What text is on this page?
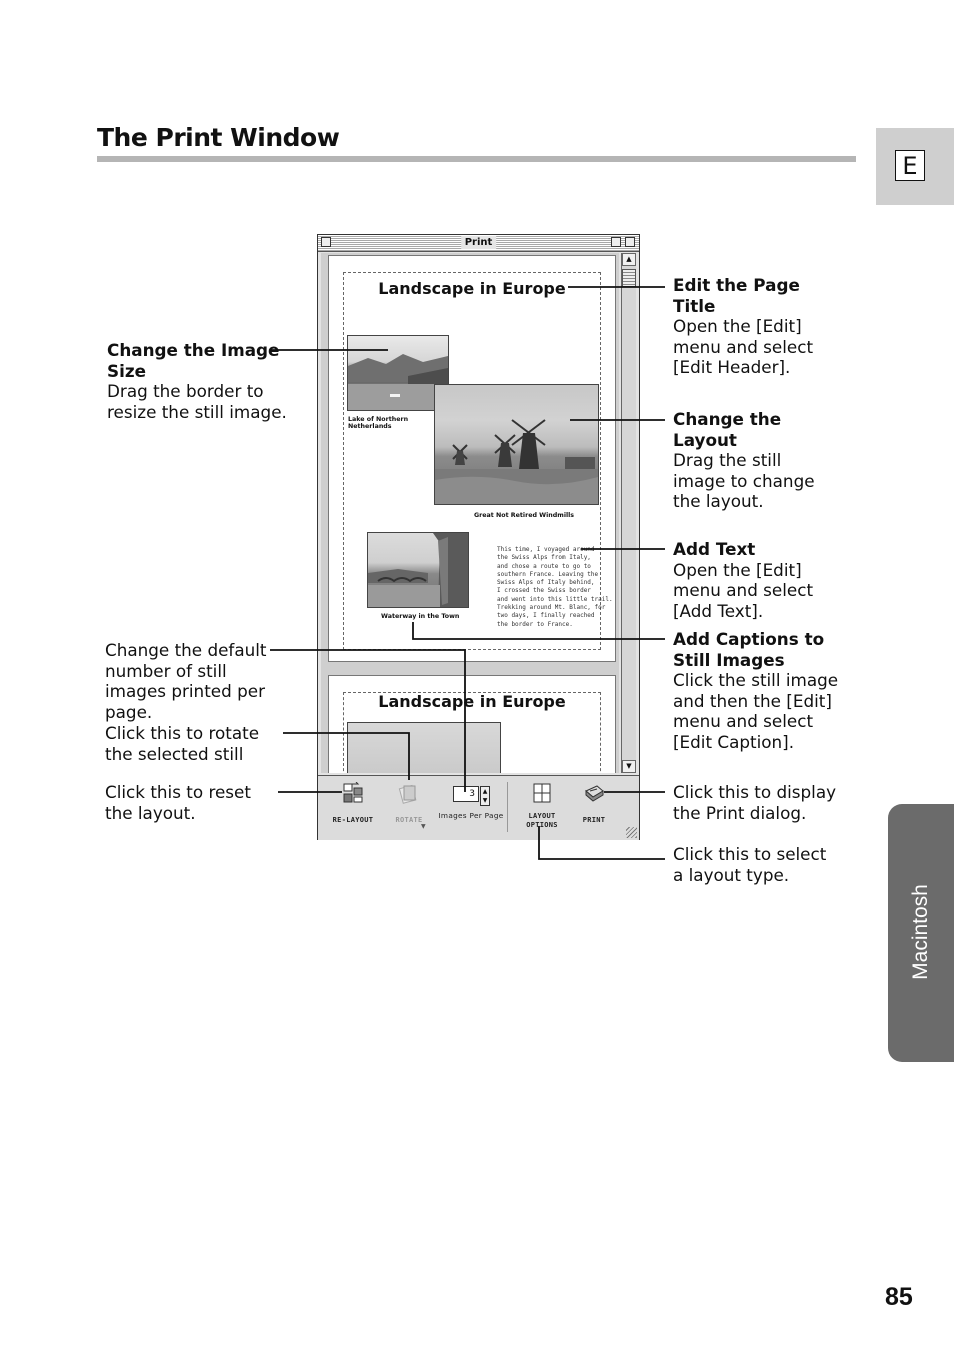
The Print Window
E
Macintosh
85
Print
Landscape in Europe
Lake of Northern Netherlands
Great Not Retired Windmills
Waterway in the Town
This time, I voyaged around
the Swiss Alps from Italy,
and chose a route to go to
southern France. Leaving the
Swiss Alps of Italy behind,
I crossed the Swiss border
and went into this little trail.
Trekking around Mt. Blanc, for
two days, I finally reached
the border to France.
Landscape in Europe
▲
▼
RE-LAYOUT	ROTATE
▼
3	▲
▼
Images Per Page	LAYOUT
OPTIONS
PRINT
Change the Image Size
Drag the border to resize the still image.
Edit the Page Title
Open the [Edit] menu and select [Edit Header].
Change the Layout
Drag the still image to change the layout.
Add Text
Open the [Edit] menu and select [Add Text].
Add Captions to Still Images
Click the still image and then the [Edit] menu and select [Edit Caption].
Change the default number of still images printed per page.
Click this to rotate the selected still
Click this to reset the layout.
Click this to display the Print dialog.
Click this to select a layout type.
